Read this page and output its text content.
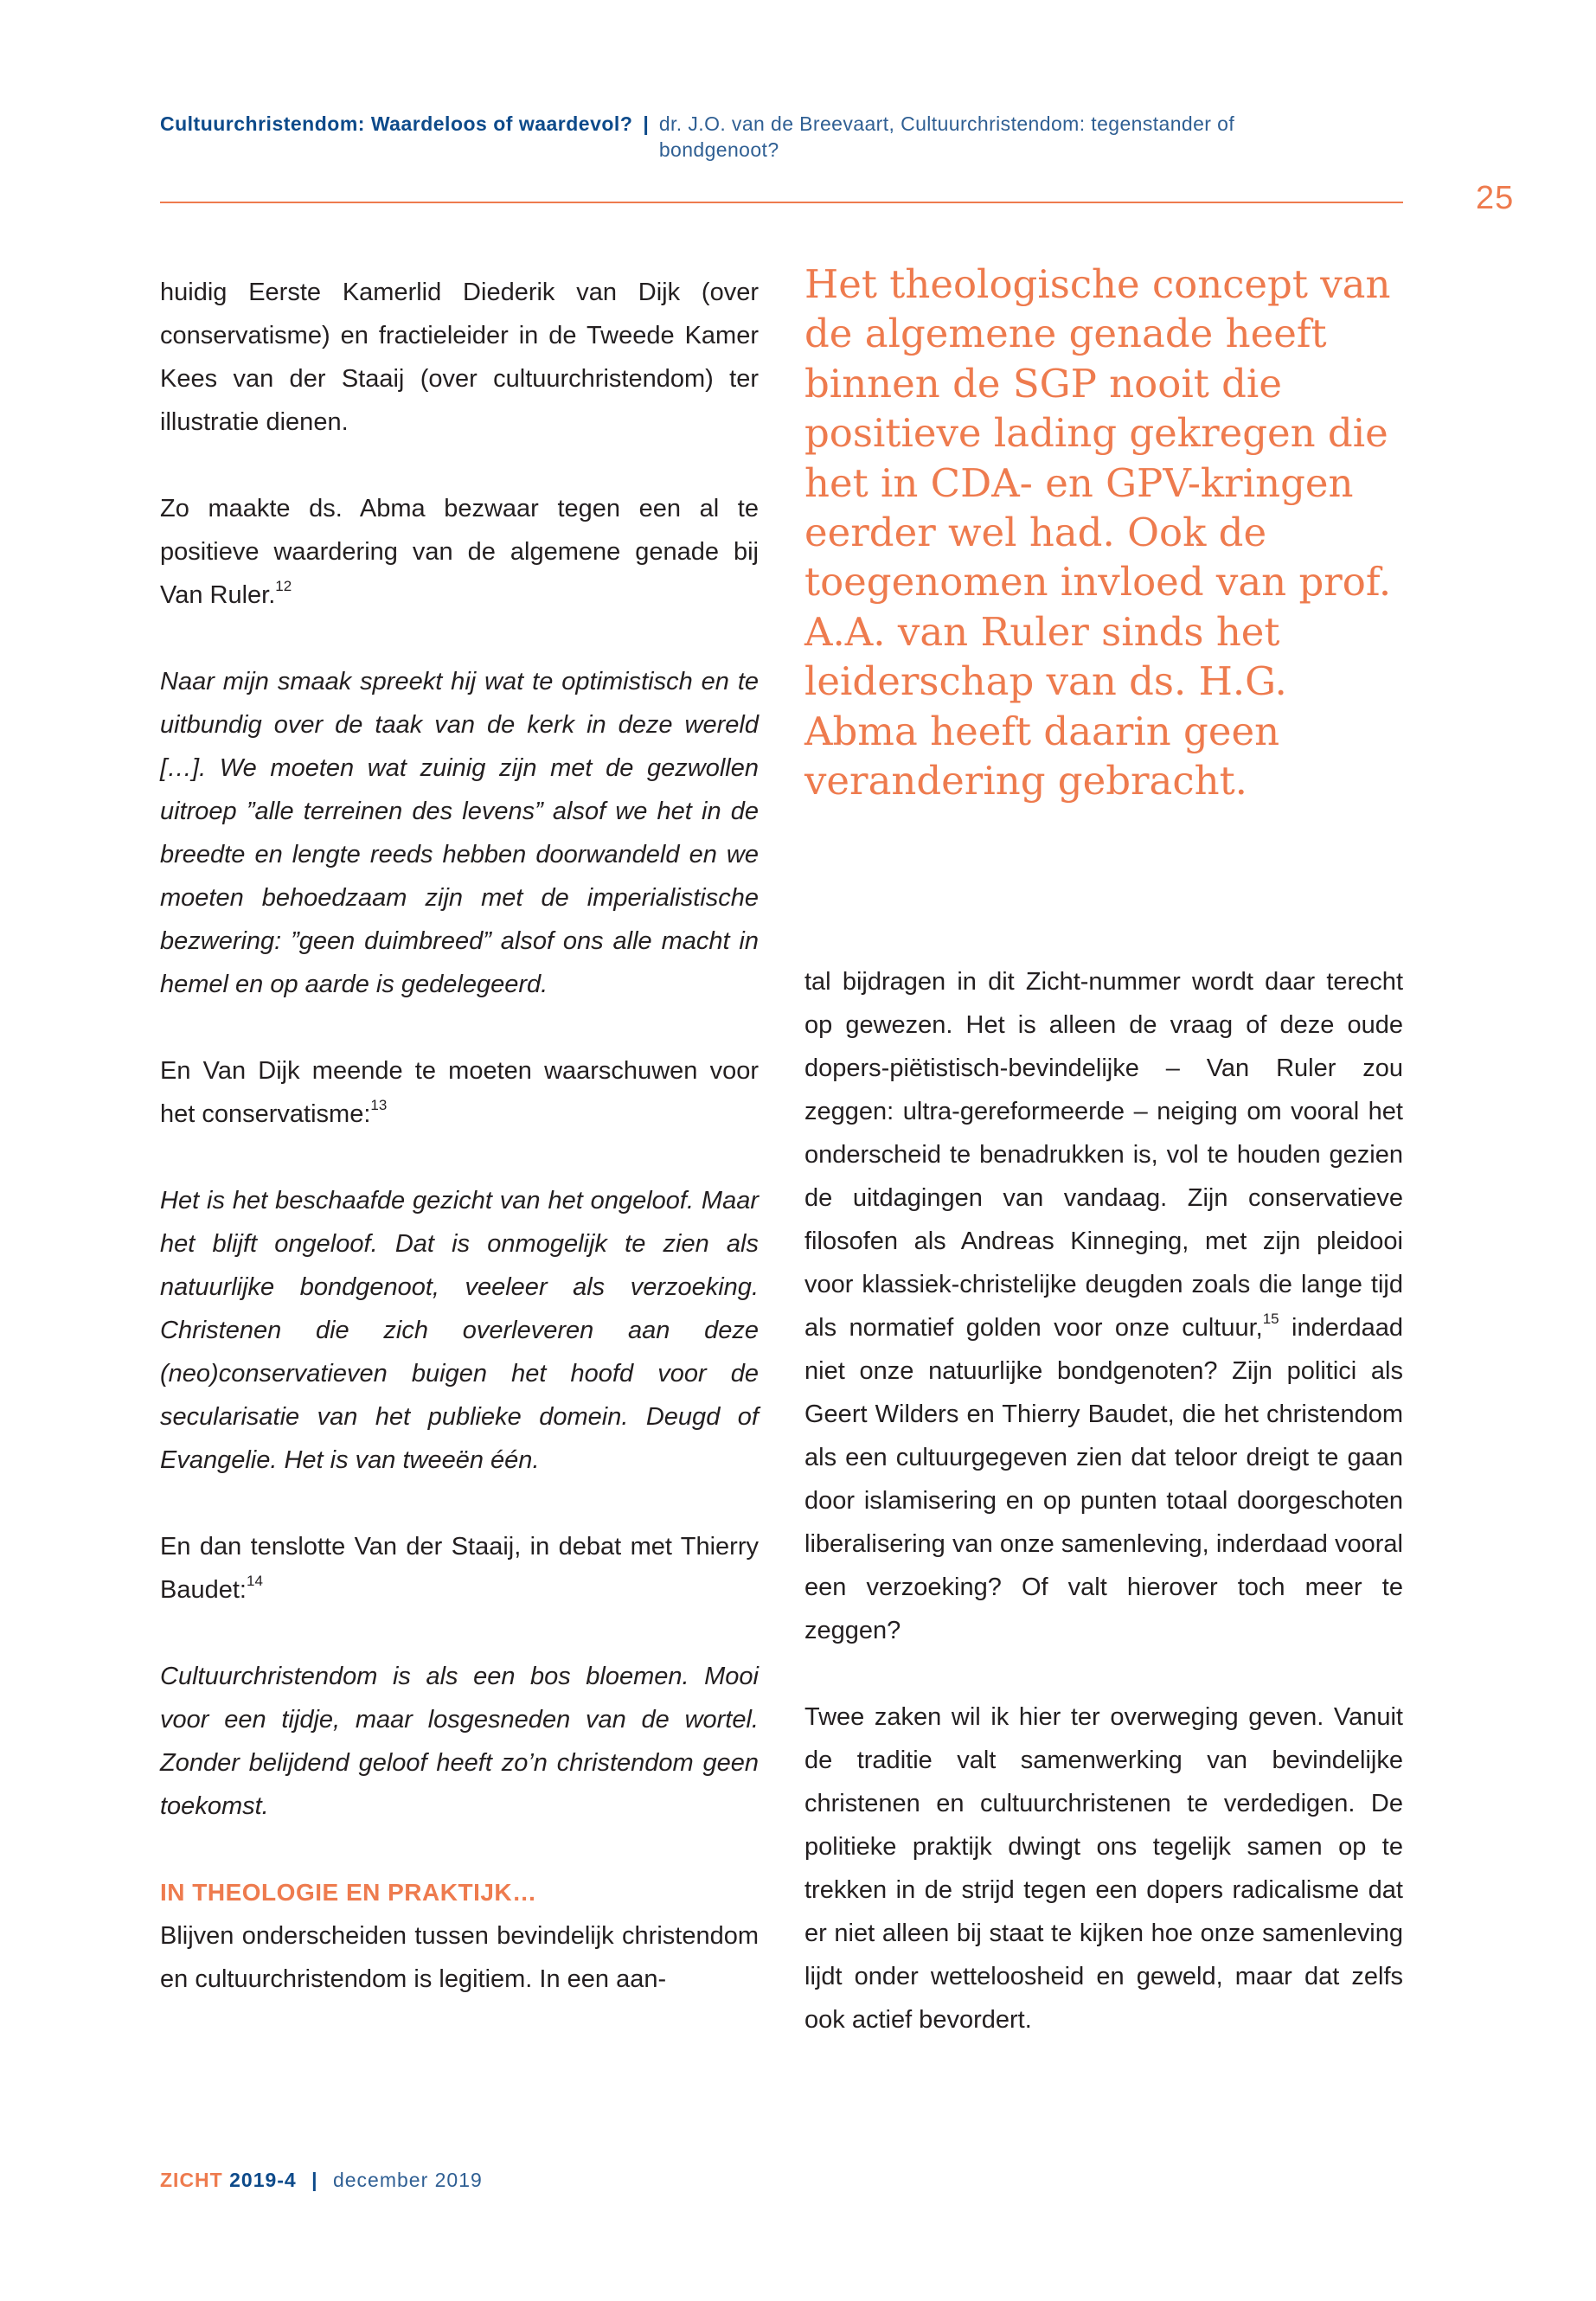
Cultuurchristendom: Waardeloos of waardevol? | dr. J.O. van de Breevaart, Cultuurchristendom: tegenstander of bondgenoot?
25

huidig Eerste Kamerlid Diederik van Dijk (over conservatisme) en fractieleider in de Tweede Kamer Kees van der Staaij (over cultuurchristendom) ter illustratie dienen.

Zo maakte ds. Abma bezwaar tegen een al te positieve waardering van de algemene genade bij Van Ruler.$^{12}$

Naar mijn smaak spreekt hij wat te optimistisch en te uitbundig over de taak van de kerk in deze wereld […]. We moeten wat zuinig zijn met de gezwollen uitroep ”alle terreinen des levens” alsof we het in de breedte en lengte reeds hebben doorwandeld en we moeten behoedzaam zijn met de imperialistische bezwering: ”geen duimbreed” alsof ons alle macht in hemel en op aarde is gedelegeerd.

En Van Dijk meende te moeten waarschuwen voor het conservatisme:$^{13}$

Het is het beschaafde gezicht van het ongeloof. Maar het blijft ongeloof. Dat is onmogelijk te zien als natuurlijke bondgenoot, veeleer als verzoeking. Christenen die zich overleveren aan deze (neo)conservatieven buigen het hoofd voor de secularisatie van het publieke domein. Deugd of Evangelie. Het is van tweeën één.

En dan tenslotte Van der Staaij, in debat met Thierry Baudet:$^{14}$

Cultuurchristendom is als een bos bloemen. Mooi voor een tijdje, maar losgesneden van de wortel. Zonder belijdend geloof heeft zo’n christendom geen toekomst.

IN THEOLOGIE EN PRAKTIJK…

Blijven onderscheiden tussen bevindelijk christendom en cultuurchristendom is legitiem. In een aan-

Het theologische concept van de algemene genade heeft binnen de SGP nooit die positieve lading gekregen die het in CDA- en GPV-kringen eerder wel had. Ook de toegenomen invloed van prof. A.A. van Ruler sinds het leiderschap van ds. H.G. Abma heeft daarin geen verandering gebracht.

tal bijdragen in dit Zicht-nummer wordt daar terecht op gewezen. Het is alleen de vraag of deze oude dopers-piëtistisch-bevindelijke – Van Ruler zou zeggen: ultra-gereformeerde – neiging om vooral het onderscheid te benadrukken is, vol te houden gezien de uitdagingen van vandaag. Zijn conservatieve filosofen als Andreas Kinneging, met zijn pleidooi voor klassiek-christelijke deugden zoals die lange tijd als normatief golden voor onze cultuur,$^{15}$ inderdaad niet onze natuurlijke bondgenoten? Zijn politici als Geert Wilders en Thierry Baudet, die het christendom als een cultuurgegeven zien dat teloor dreigt te gaan door islamisering en op punten totaal doorgeschoten liberalisering van onze samenleving, inderdaad vooral een verzoeking? Of valt hierover toch meer te zeggen?

Twee zaken wil ik hier ter overweging geven. Vanuit de traditie valt samenwerking van bevindelijke christenen en cultuurchristenen te verdedigen. De politieke praktijk dwingt ons tegelijk samen op te trekken in de strijd tegen een dopers radicalisme dat er niet alleen bij staat te kijken hoe onze samenleving lijdt onder wetteloosheid en geweld, maar dat zelfs ook actief bevordert.

ZICHT 2019-4 | december 2019
